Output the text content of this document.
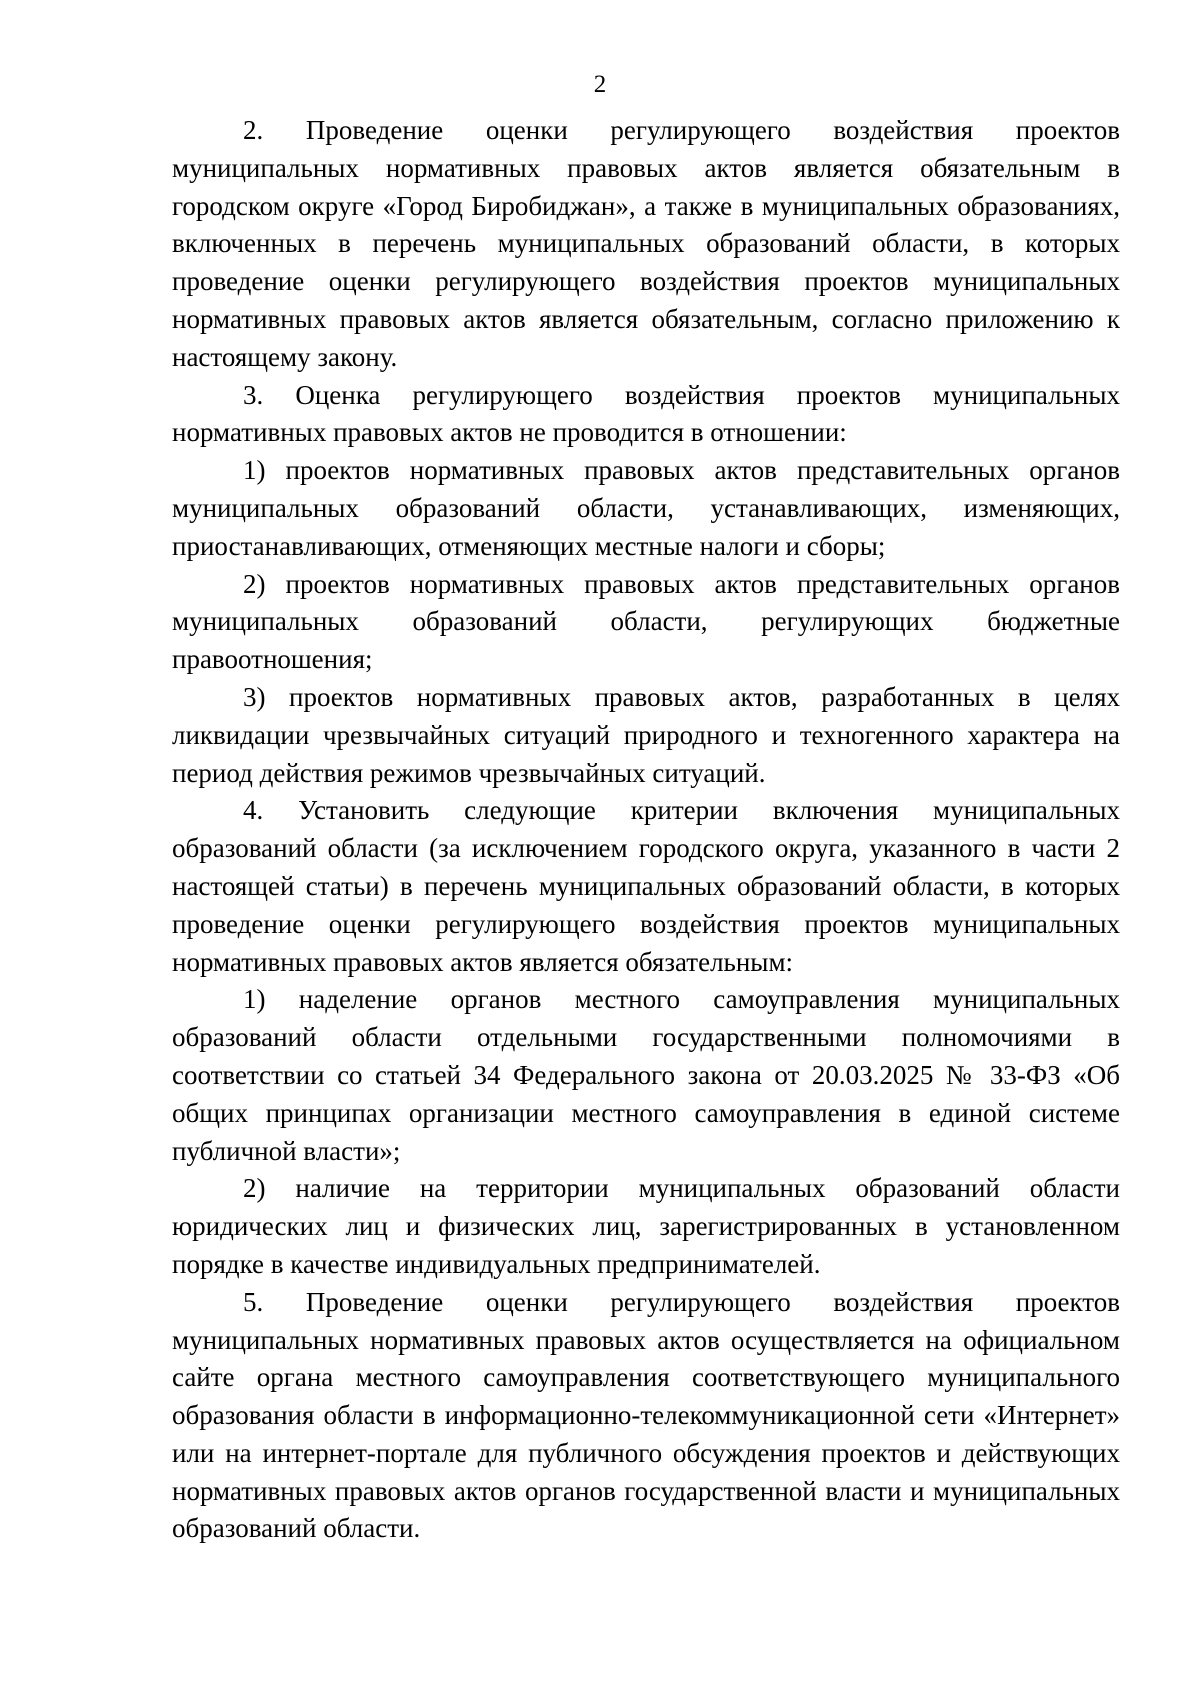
2

2. Проведение оценки регулирующего воздействия проектов муниципальных нормативных правовых актов является обязательным в городском округе «Город Биробиджан», а также в муниципальных образованиях, включенных в перечень муниципальных образований области, в которых проведение оценки регулирующего воздействия проектов муниципальных нормативных правовых актов является обязательным, согласно приложению к настоящему закону.

3. Оценка регулирующего воздействия проектов муниципальных нормативных правовых актов не проводится в отношении:

1) проектов нормативных правовых актов представительных органов муниципальных образований области, устанавливающих, изменяющих, приостанавливающих, отменяющих местные налоги и сборы;

2) проектов нормативных правовых актов представительных органов муниципальных образований области, регулирующих бюджетные правоотношения;

3) проектов нормативных правовых актов, разработанных в целях ликвидации чрезвычайных ситуаций природного и техногенного характера на период действия режимов чрезвычайных ситуаций.

4. Установить следующие критерии включения муниципальных образований области (за исключением городского округа, указанного в части 2 настоящей статьи) в перечень муниципальных образований области, в которых проведение оценки регулирующего воздействия проектов муниципальных нормативных правовых актов является обязательным:

1) наделение органов местного самоуправления муниципальных образований области отдельными государственными полномочиями в соответствии со статьей 34 Федерального закона от 20.03.2025 № 33-ФЗ «Об общих принципах организации местного самоуправления в единой системе публичной власти»;

2) наличие на территории муниципальных образований области юридических лиц и физических лиц, зарегистрированных в установленном порядке в качестве индивидуальных предпринимателей.

5. Проведение оценки регулирующего воздействия проектов муниципальных нормативных правовых актов осуществляется на официальном сайте органа местного самоуправления соответствующего муниципального образования области в информационно-телекоммуникационной сети «Интернет» или на интернет-портале для публичного обсуждения проектов и действующих нормативных правовых актов органов государственной власти и муниципальных образований области.
